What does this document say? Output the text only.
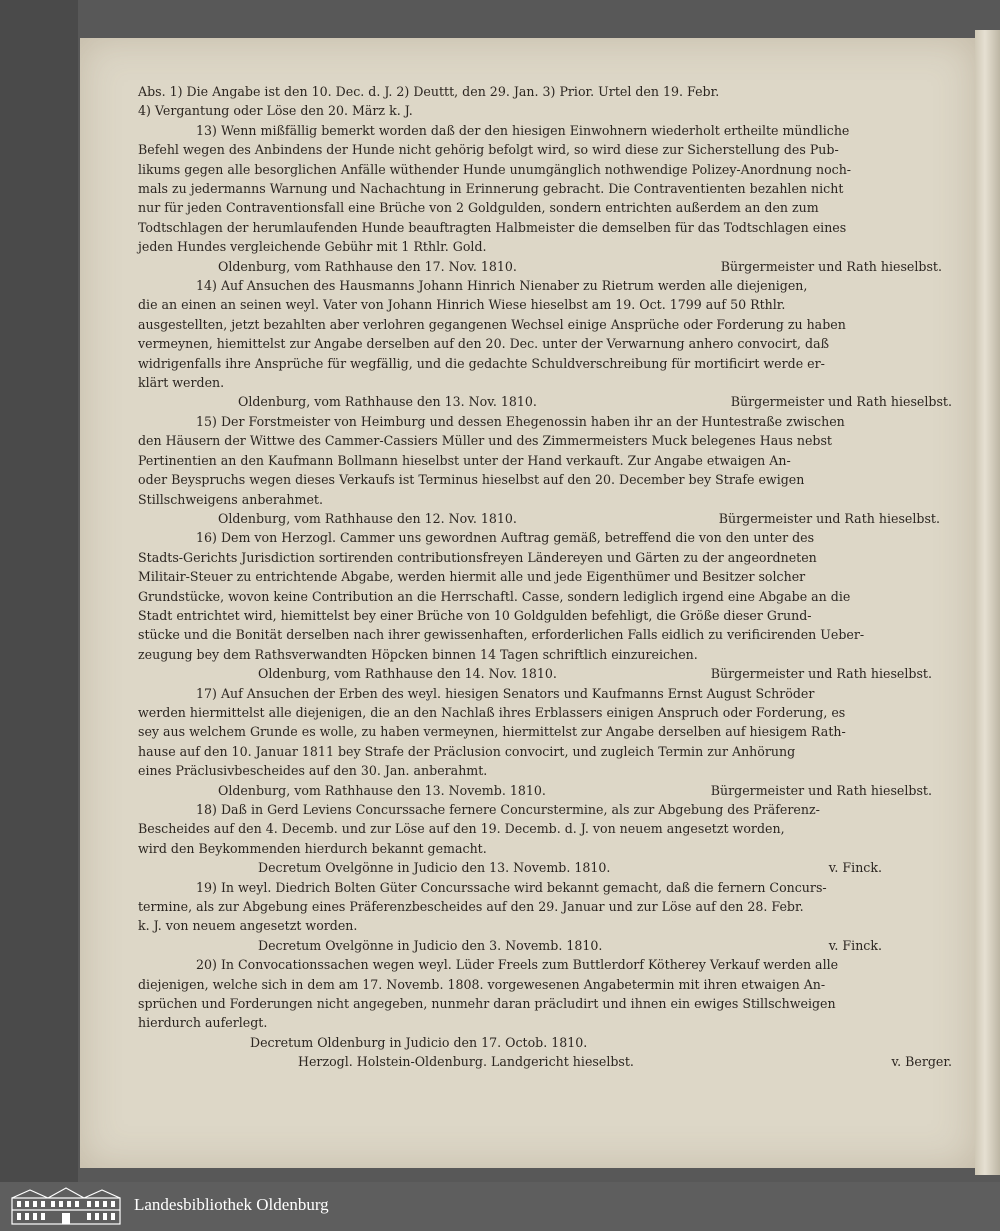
Abs. 1) Die Angabe ist den 10. Dec. d. J. 2) Deuttt, den 29. Jan. 3) Prior. Urtel den 19. Febr.
4) Vergantung oder Löse den 20. März k. J.
13) Wenn mißfällig bemerkt worden daß der den hiesigen Einwohnern wiederholt ertheilte mündliche
Befehl wegen des Anbindens der Hunde nicht gehörig befolgt wird, so wird diese zur Sicherstellung des Pub-
likums gegen alle besorglichen Anfälle wüthender Hunde unumgänglich nothwendige Polizey-Anordnung noch-
mals zu jedermanns Warnung und Nachachtung in Erinnerung gebracht. Die Contraventienten bezahlen nicht
nur für jeden Contraventionsfall eine Brüche von 2 Goldgulden, sondern entrichten außerdem an den zum
Todtschlagen der herumlaufenden Hunde beauftragten Halbmeister die demselben für das Todtschlagen eines
jeden Hundes vergleichende Gebühr mit 1 Rthlr. Gold.
Oldenburg, vom Rathhause den 17. Nov. 1810.	Bürgermeister und Rath hieselbst.
14) Auf Ansuchen des Hausmanns Johann Hinrich Nienaber zu Rietrum werden alle diejenigen,
die an einen an seinen weyl. Vater von Johann Hinrich Wiese hieselbst am 19. Oct. 1799 auf 50 Rthlr.
ausgestellten, jetzt bezahlten aber verlohren gegangenen Wechsel einige Ansprüche oder Forderung zu haben
vermeynen, hiemittelst zur Angabe derselben auf den 20. Dec. unter der Verwarnung anhero convocirt, daß
widrigenfalls ihre Ansprüche für wegfällig, und die gedachte Schuldverschreibung für mortificirt werde er-
klärt werden.
Oldenburg, vom Rathhause den 13. Nov. 1810.	Bürgermeister und Rath hieselbst.
15) Der Forstmeister von Heimburg und dessen Ehegenossin haben ihr an der Huntestraße zwischen
den Häusern der Wittwe des Cammer-Cassiers Müller und des Zimmermeisters Muck belegenes Haus nebst
Pertinentien an den Kaufmann Bollmann hieselbst unter der Hand verkauft. Zur Angabe etwaigen An-
oder Beyspruchs wegen dieses Verkaufs ist Terminus hieselbst auf den 20. December bey Strafe ewigen
Stillschweigens anberahmet.
Oldenburg, vom Rathhause den 12. Nov. 1810.	Bürgermeister und Rath hieselbst.
16) Dem von Herzogl. Cammer uns gewordnen Auftrag gemäß, betreffend die von den unter des
Stadts-Gerichts Jurisdiction sortirenden contributionsfreyen Ländereyen und Gärten zu der angeordneten
Militair-Steuer zu entrichtende Abgabe, werden hiermit alle und jede Eigenthümer und Besitzer solcher
Grundstücke, wovon keine Contribution an die Herrschaftl. Casse, sondern lediglich irgend eine Abgabe an die
Stadt entrichtet wird, hiemittelst bey einer Brüche von 10 Goldgulden befehligt, die Größe dieser Grund-
stücke und die Bonität derselben nach ihrer gewissenhaften, erforderlichen Falls eidlich zu verificirenden Ueber-
zeugung bey dem Rathsverwandten Höpcken binnen 14 Tagen schriftlich einzureichen.
Oldenburg, vom Rathhause den 14. Nov. 1810.	Bürgermeister und Rath hieselbst.
17) Auf Ansuchen der Erben des weyl. hiesigen Senators und Kaufmanns Ernst August Schröder
werden hiermittelst alle diejenigen, die an den Nachlaß ihres Erblassers einigen Anspruch oder Forderung, es
sey aus welchem Grunde es wolle, zu haben vermeynen, hiermittelst zur Angabe derselben auf hiesigem Rath-
hause auf den 10. Januar 1811 bey Strafe der Präclusion convocirt, und zugleich Termin zur Anhörung
eines Präclusivbescheides auf den 30. Jan. anberahmt.
Oldenburg, vom Rathhause den 13. Novemb. 1810.	Bürgermeister und Rath hieselbst.
18) Daß in Gerd Leviens Concurssache fernere Concurstermine, als zur Abgebung des Präferenz-
Bescheides auf den 4. Decemb. und zur Löse auf den 19. Decemb. d. J. von neuem angesetzt worden,
wird den Beykommenden hierdurch bekannt gemacht.
Decretum Ovelgönne in Judicio den 13. Novemb. 1810.	v. Finck.
19) In weyl. Diedrich Bolten Güter Concurssache wird bekannt gemacht, daß die fernern Concurs-
termine, als zur Abgebung eines Präferenzbescheides auf den 29. Januar und zur Löse auf den 28. Febr.
k. J. von neuem angesetzt worden.
Decretum Ovelgönne in Judicio den 3. Novemb. 1810.	v. Finck.
20) In Convocationssachen wegen weyl. Lüder Freels zum Buttlerdorf Kötherey Verkauf werden alle
diejenigen, welche sich in dem am 17. Novemb. 1808. vorgewesenen Angabetermin mit ihren etwaigen An-
sprüchen und Forderungen nicht angegeben, nunmehr daran präcludirt und ihnen ein ewiges Stillschweigen
hierdurch auferlegt.
Decretum Oldenburg in Judicio den 17. Octob. 1810.
Herzogl. Holstein-Oldenburg. Landgericht hieselbst.	v. Berger.
Landesbibliothek Oldenburg
